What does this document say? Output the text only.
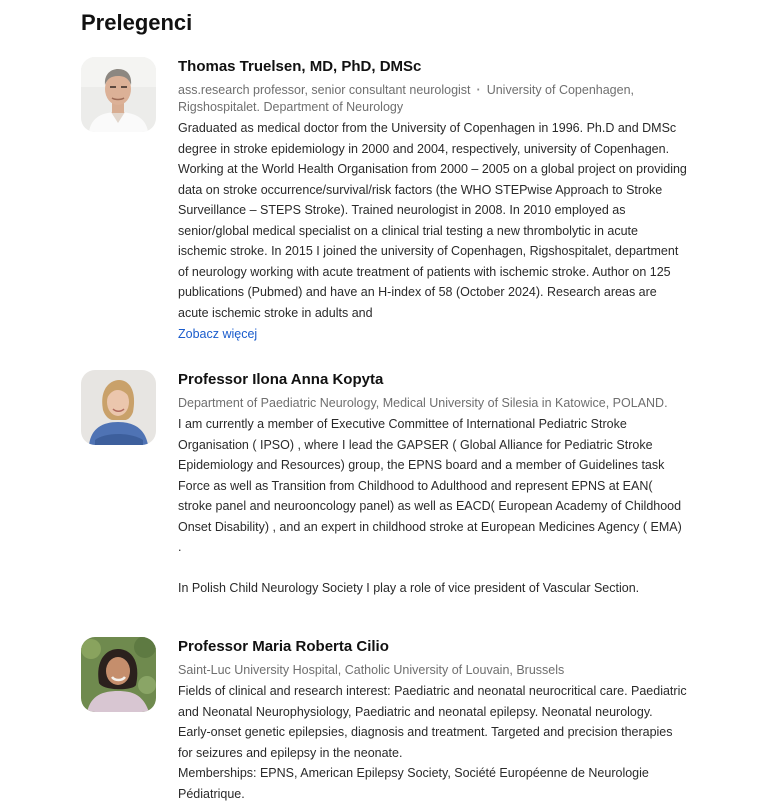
Prelegenci
Thomas Truelsen, MD, PhD, DMSc
ass.research professor, senior consultant neurologist · University of Copenhagen, Rigshospitalet. Department of Neurology

Graduated as medical doctor from the University of Copenhagen in 1996. Ph.D and DMSc degree in stroke epidemiology in 2000 and 2004, respectively, university of Copenhagen. Working at the World Health Organisation from 2000 – 2005 on a global project on providing data on stroke occurrence/survival/risk factors (the WHO STEPwise Approach to Stroke Surveillance – STEPS Stroke). Trained neurologist in 2008. In 2010 employed as senior/global medical specialist on a clinical trial testing a new thrombolytic in acute ischemic stroke. In 2015 I joined the university of Copenhagen, Rigshospitalet, department of neurology working with acute treatment of patients with ischemic stroke. Author on 125 publications (Pubmed) and have an H-index of 58 (October 2024). Research areas are acute ischemic stroke in adults and

Zobacz więcej
Professor Ilona Anna Kopyta
Department of Paediatric Neurology, Medical University of Silesia in Katowice, POLAND.

I am currently a member of Executive Committee of International Pediatric Stroke Organisation ( IPSO) , where I lead the GAPSER ( Global Alliance for Pediatric Stroke Epidemiology and Resources) group, the EPNS board and a member of Guidelines task Force as well as Transition from Childhood to Adulthood and represent EPNS at EAN( stroke panel and neurooncology panel) as well as EACD( European Academy of Childhood Onset Disability) , and an expert in childhood stroke at European Medicines Agency ( EMA) .

In Polish Child Neurology Society I play a role of vice president of Vascular Section.

Professor Maria Roberta Cilio
Saint-Luc University Hospital, Catholic University of Louvain, Brussels

Fields of clinical and research interest: Paediatric and neonatal neurocritical care. Paediatric and Neonatal Neurophysiology, Paediatric and neonatal epilepsy. Neonatal neurology. Early-onset genetic epilepsies, diagnosis and treatment. Targeted and precision therapies for seizures and epilepsy in the neonate.
Memberships: EPNS, American Epilepsy Society, Société Européenne de Neurologie Pédiatrique.
